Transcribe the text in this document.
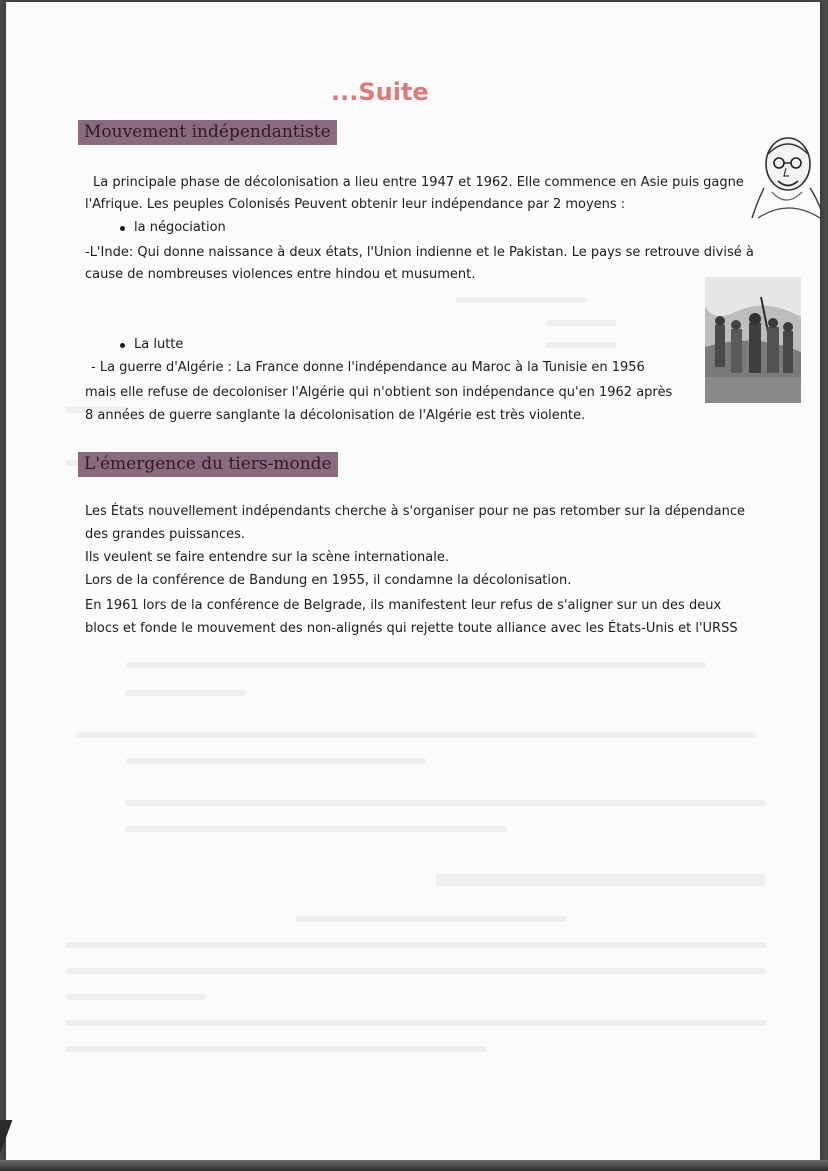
...Suite
Mouvement indépendantiste
La principale phase de décolonisation a lieu entre 1947 et 1962. Elle commence en Asie puis gagne
l'Afrique. Les peuples Colonisés Peuvent obtenir leur indépendance par 2 moyens :
la négociation
-L'Inde: Qui donne naissance à deux états, l'Union indienne et le Pakistan. Le pays se retrouve divisé à
cause de nombreuses violences entre hindou et musument.
La lutte
- La guerre d'Algérie : La France donne l'indépendance au Maroc à la Tunisie en 1956
mais elle refuse de decoloniser l'Algérie qui n'obtient son indépendance qu'en 1962 après
8 années de guerre sanglante la décolonisation de l'Algérie est très violente.
L'émergence du tiers-monde
Les États nouvellement indépendants cherche à s'organiser pour ne pas retomber sur la dépendance
des grandes puissances.
Ils veulent se faire entendre sur la scène internationale.
Lors de la conférence de Bandung en 1955, il condamne la décolonisation.
En 1961 lors de la conférence de Belgrade, ils manifestent leur refus de s'aligner sur un des deux
blocs et fonde le mouvement des non-alignés qui rejette toute alliance avec les États-Unis et l'URSS
